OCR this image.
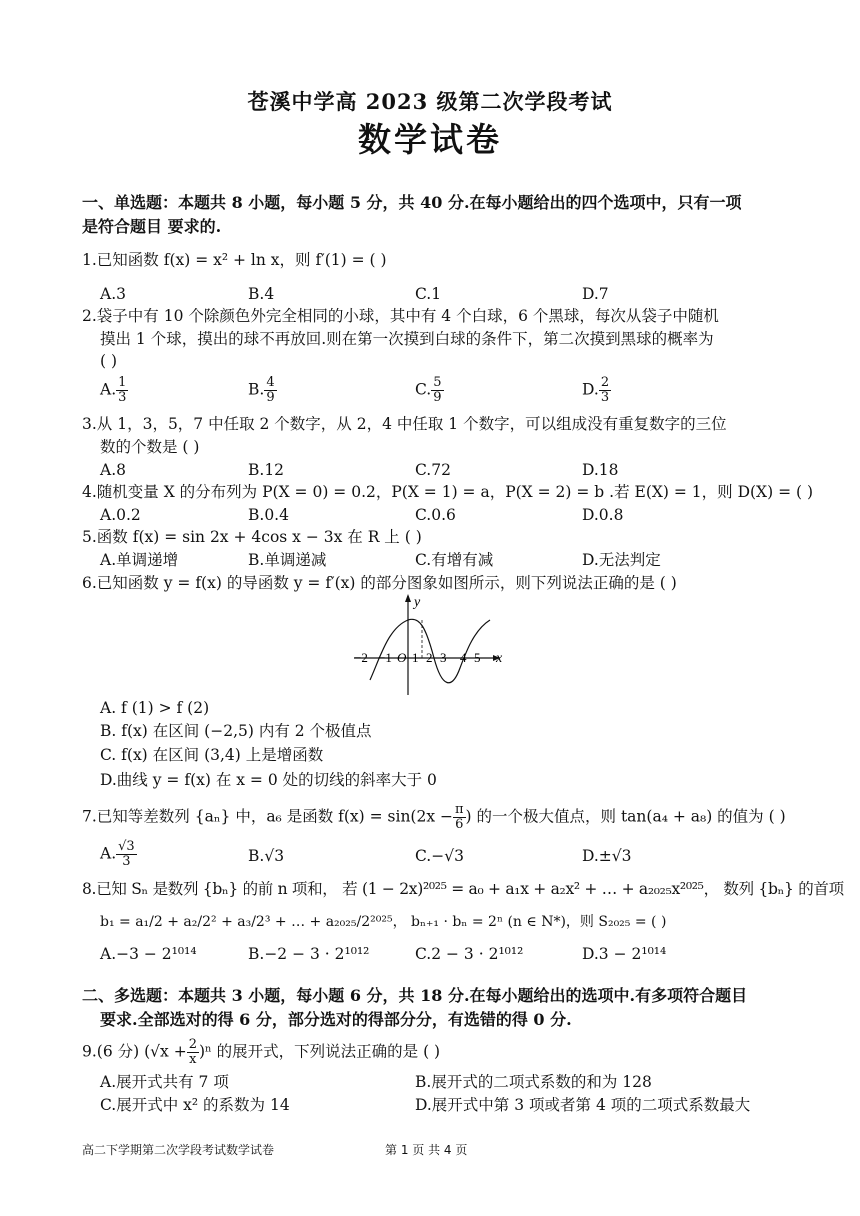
苍溪中学高 2023 级第二次学段考试
数学试卷
一、单选题：本题共 8 小题，每小题 5 分，共 40 分.在每小题给出的四个选项中，只有一项
是符合题目 要求的.
1.已知函数 f(x) = x² + ln x，则 f′(1) = ( )
A.3	B.4	C.1	D.7
2.袋子中有 10 个除颜色外完全相同的小球，其中有 4 个白球，6 个黑球，每次从袋子中随机
摸出 1 个球，摸出的球不再放回.则在第一次摸到白球的条件下，第二次摸到黑球的概率为
( )
A. $\frac{1}{3}$	B. $\frac{4}{9}$	C. $\frac{5}{9}$	D. $\frac{2}{3}$
3.从 1，3，5，7 中任取 2 个数字，从 2，4 中任取 1 个数字，可以组成没有重复数字的三位
数的个数是 ( )
A.8	B.12	C.72	D.18
4.随机变量 X 的分布列为 P(X = 0) = 0.2，P(X = 1) = a，P(X = 2) = b .若 E(X) = 1，则 D(X) = ( )
A.0.2	B.0.4	C.0.6	D.0.8
5.函数 f(x) = sin 2x + 4cos x − 3x 在 R 上 ( )
A.单调递增	B.单调递减	C.有增有减	D.无法判定
6.已知函数 y = f(x) 的导函数 y = f′(x) 的部分图象如图所示，则下列说法正确的是 ( )
y
x
O
−2 −1 1 2 3 4 5
A. f (1) > f (2)
B. f(x) 在区间 (−2,5) 内有 2 个极值点
C. f(x) 在区间 (3,4) 上是增函数
D.曲线 y = f(x) 在 x = 0 处的切线的斜率大于 0
7.已知等差数列 {aₙ} 中，a₆ 是函数 $f(x) = \sin(2x - \frac{\pi}{6}$ ) 的一个极大值点，则 tan(a₄ + a₈) 的值为 ( )
A. $\frac{√3}{3}$	B.√3	C.−√3	D.±√3
8.已知 Sₙ 是数列 {bₙ} 的前 n 项和， 若 (1 − 2x)²⁰²⁵ = a₀ + a₁x + a₂x² + … + a₂₀₂₅x²⁰²⁵， 数列 {bₙ} 的首项
b₁ = a₁/2 + a₂/2² + a₃/2³ + … + a₂₀₂₅/2²⁰²⁵， bₙ₊₁ · bₙ = 2ⁿ (n ∈ N*)，则 S₂₀₂₅ = ( )
A.−3 − 2¹⁰¹⁴	B.−2 − 3 · 2¹⁰¹²	C.2 − 3 · 2¹⁰¹²	D.3 − 2¹⁰¹⁴
二、多选题：本题共 3 小题，每小题 6 分，共 18 分.在每小题给出的选项中.有多项符合题目
要求.全部选对的得 6 分，部分选对的得部分分，有选错的得 0 分.
9.(6 分) $(√x + \frac{2}{x} )^n$ 的展开式，下列说法正确的是 ( )
A.展开式共有 7 项	B.展开式的二项式系数的和为 128
C.展开式中 x² 的系数为 14	D.展开式中第 3 项或者第 4 项的二项式系数最大
高二下学期第二次学段考试数学试卷	第 1 页 共 4 页
